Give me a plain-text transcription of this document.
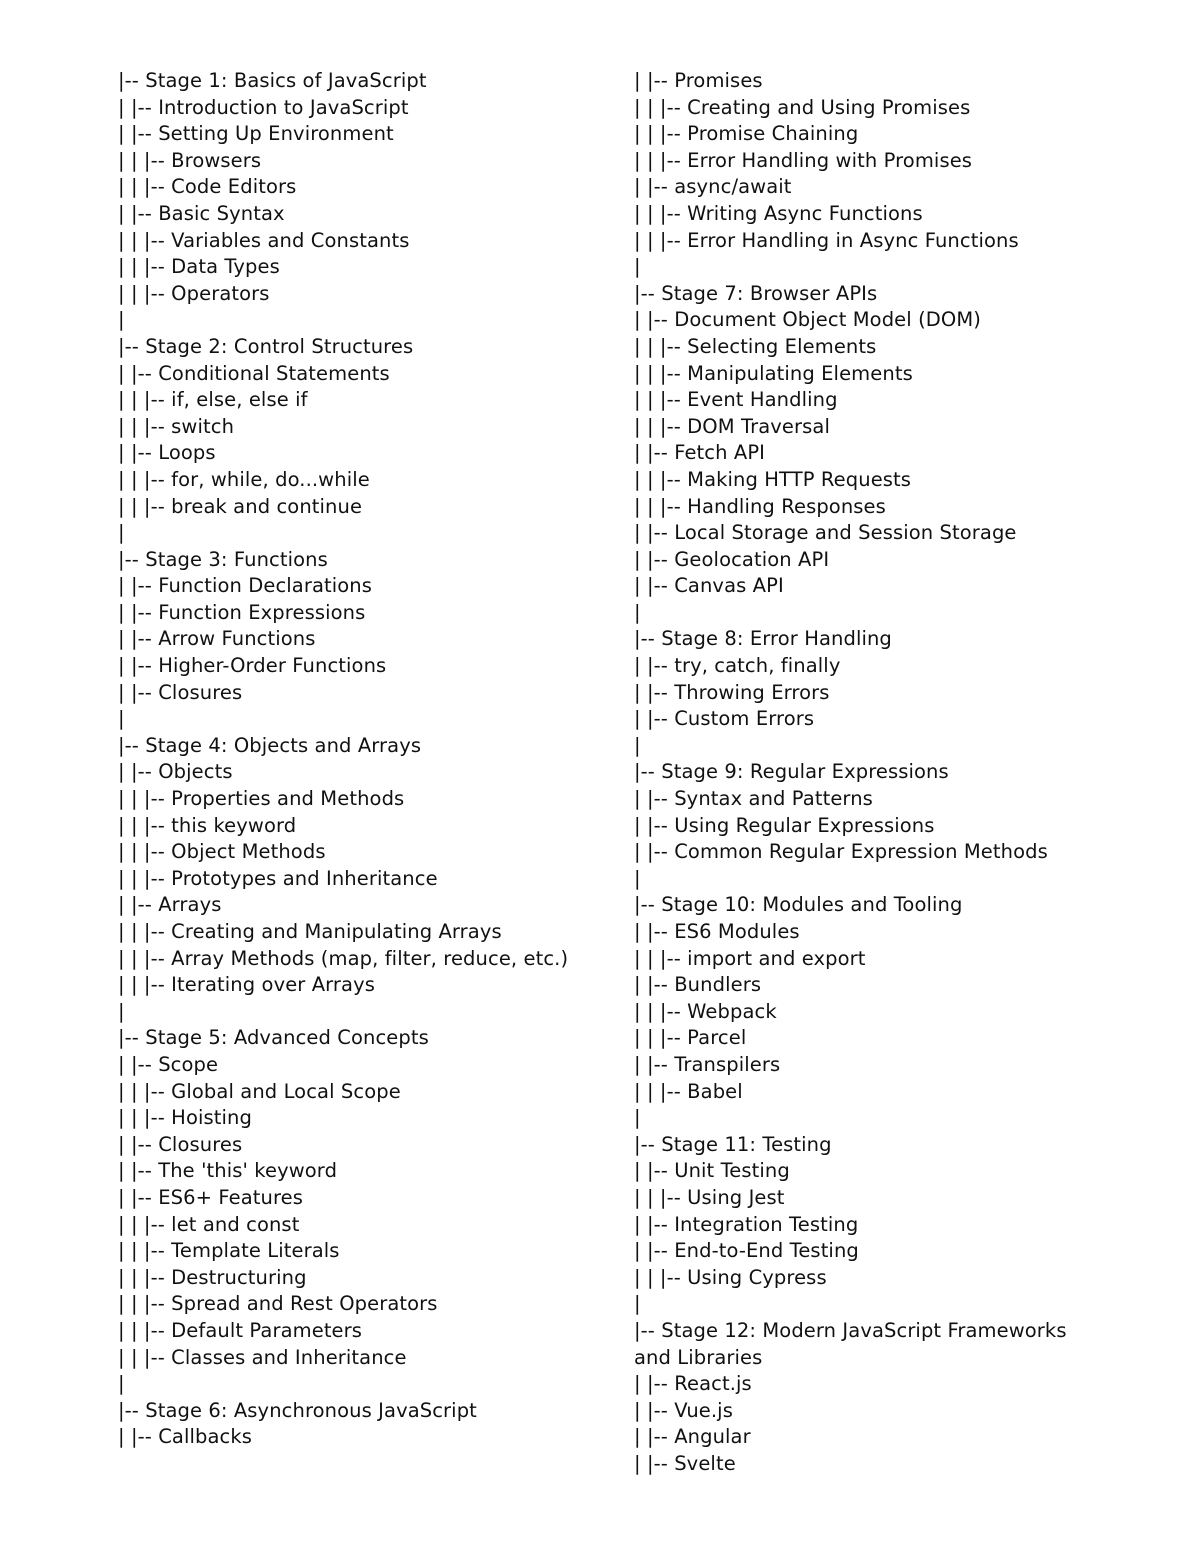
|-- Stage 1: Basics of JavaScript

| |-- Introduction to JavaScript

| |-- Setting Up Environment

| | |-- Browsers

| | |-- Code Editors

| |-- Basic Syntax

| | |-- Variables and Constants

| | |-- Data Types

| | |-- Operators

|

|-- Stage 2: Control Structures

| |-- Conditional Statements

| | |-- if, else, else if

| | |-- switch

| |-- Loops

| | |-- for, while, do...while

| | |-- break and continue

|

|-- Stage 3: Functions

| |-- Function Declarations

| |-- Function Expressions

| |-- Arrow Functions

| |-- Higher-Order Functions

| |-- Closures

|

|-- Stage 4: Objects and Arrays

| |-- Objects

| | |-- Properties and Methods

| | |-- this keyword

| | |-- Object Methods

| | |-- Prototypes and Inheritance

| |-- Arrays

| | |-- Creating and Manipulating Arrays

| | |-- Array Methods (map, filter, reduce, etc.)

| | |-- Iterating over Arrays

|

|-- Stage 5: Advanced Concepts

| |-- Scope

| | |-- Global and Local Scope

| | |-- Hoisting

| |-- Closures

| |-- The 'this' keyword

| |-- ES6+ Features

| | |-- let and const

| | |-- Template Literals

| | |-- Destructuring

| | |-- Spread and Rest Operators

| | |-- Default Parameters

| | |-- Classes and Inheritance

|

|-- Stage 6: Asynchronous JavaScript

| |-- Callbacks

| |-- Promises

| | |-- Creating and Using Promises

| | |-- Promise Chaining

| | |-- Error Handling with Promises

| |-- async/await

| | |-- Writing Async Functions

| | |-- Error Handling in Async Functions

|

|-- Stage 7: Browser APIs

| |-- Document Object Model (DOM)

| | |-- Selecting Elements

| | |-- Manipulating Elements

| | |-- Event Handling

| | |-- DOM Traversal

| |-- Fetch API

| | |-- Making HTTP Requests

| | |-- Handling Responses

| |-- Local Storage and Session Storage

| |-- Geolocation API

| |-- Canvas API

|

|-- Stage 8: Error Handling

| |-- try, catch, finally

| |-- Throwing Errors

| |-- Custom Errors

|

|-- Stage 9: Regular Expressions

| |-- Syntax and Patterns

| |-- Using Regular Expressions

| |-- Common Regular Expression Methods

|

|-- Stage 10: Modules and Tooling

| |-- ES6 Modules

| | |-- import and export

| |-- Bundlers

| | |-- Webpack

| | |-- Parcel

| |-- Transpilers

| | |-- Babel

|

|-- Stage 11: Testing

| |-- Unit Testing

| | |-- Using Jest

| |-- Integration Testing

| |-- End-to-End Testing

| | |-- Using Cypress

|

|-- Stage 12: Modern JavaScript Frameworks and Libraries

| |-- React.js

| |-- Vue.js

| |-- Angular

| |-- Svelte
